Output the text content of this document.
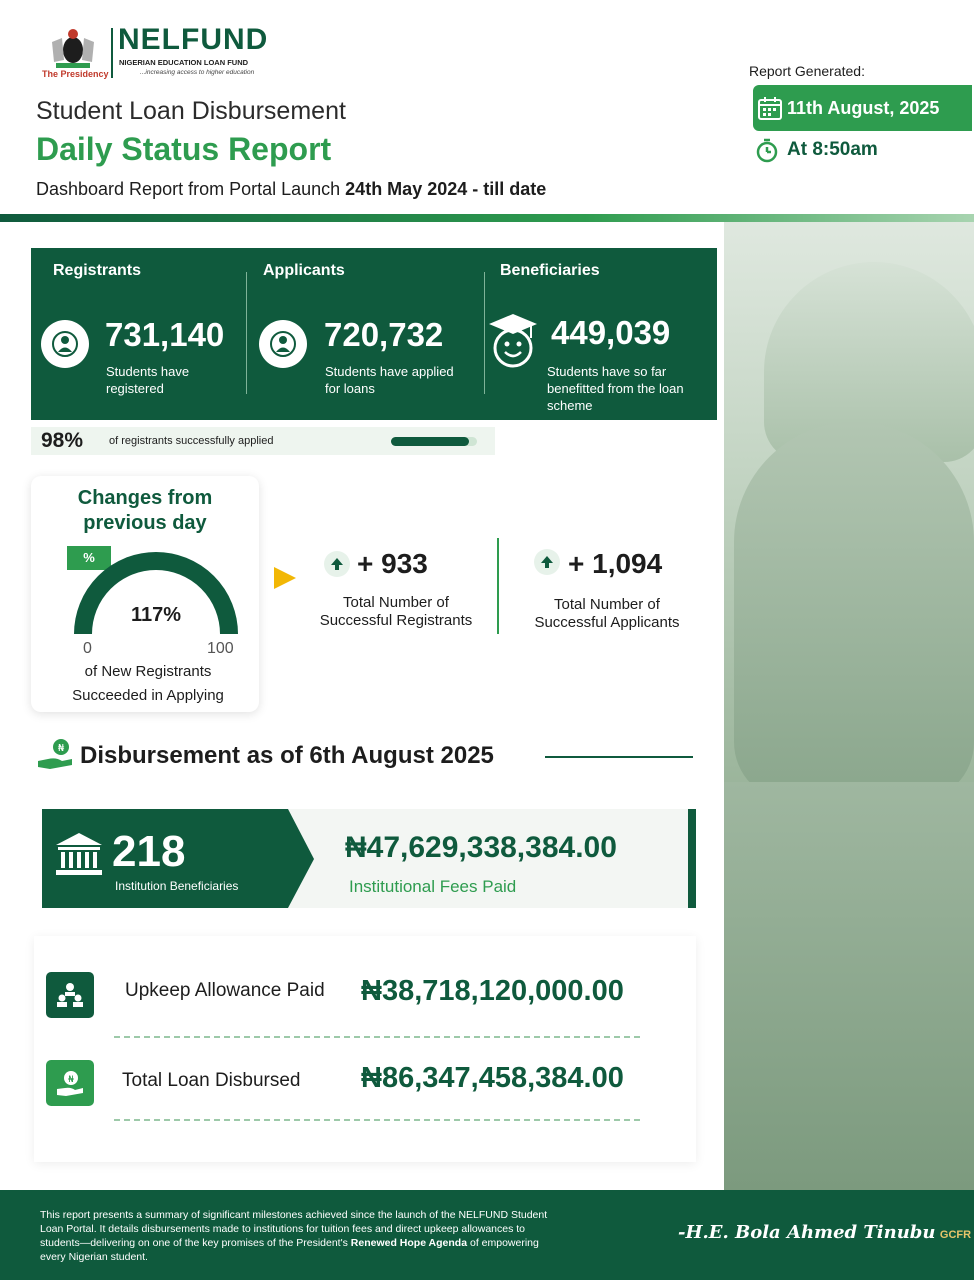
The Presidency
NELFUND
NIGERIAN EDUCATION LOAN FUND
...increasing access to higher education
Student Loan Disbursement
Daily Status Report
Dashboard Report from Portal Launch 24th May 2024 - till date
Report Generated:
11th August, 2025
At 8:50am
Registrants
731,140
Students have
registered
Applicants
720,732
Students have applied
for loans
Beneficiaries
449,039
Students have so far
benefitted from the loan
scheme
98% of registrants successfully applied
Changes from
previous day
%
117%
0	100
of New Registrants
Succeeded in Applying
+ 933
Total Number of
Successful Registrants
+ 1,094
Total Number of
Successful Applicants
₦ Disbursement as of 6th August 2025
218
Institution Beneficiaries
₦47,629,338,384.00
Institutional Fees Paid
Upkeep Allowance Paid ₦38,718,120,000.00
₦	Total Loan Disbursed ₦86,347,458,384.00
This report presents a summary of significant milestones achieved since the launch of the NELFUND Student
Loan Portal. It details disbursements made to institutions for tuition fees and direct upkeep allowances to
students—delivering on one of the key promises of the President's Renewed Hope Agenda of empowering
every Nigerian student.
-H.E. Bola Ahmed Tinubu GCFR
